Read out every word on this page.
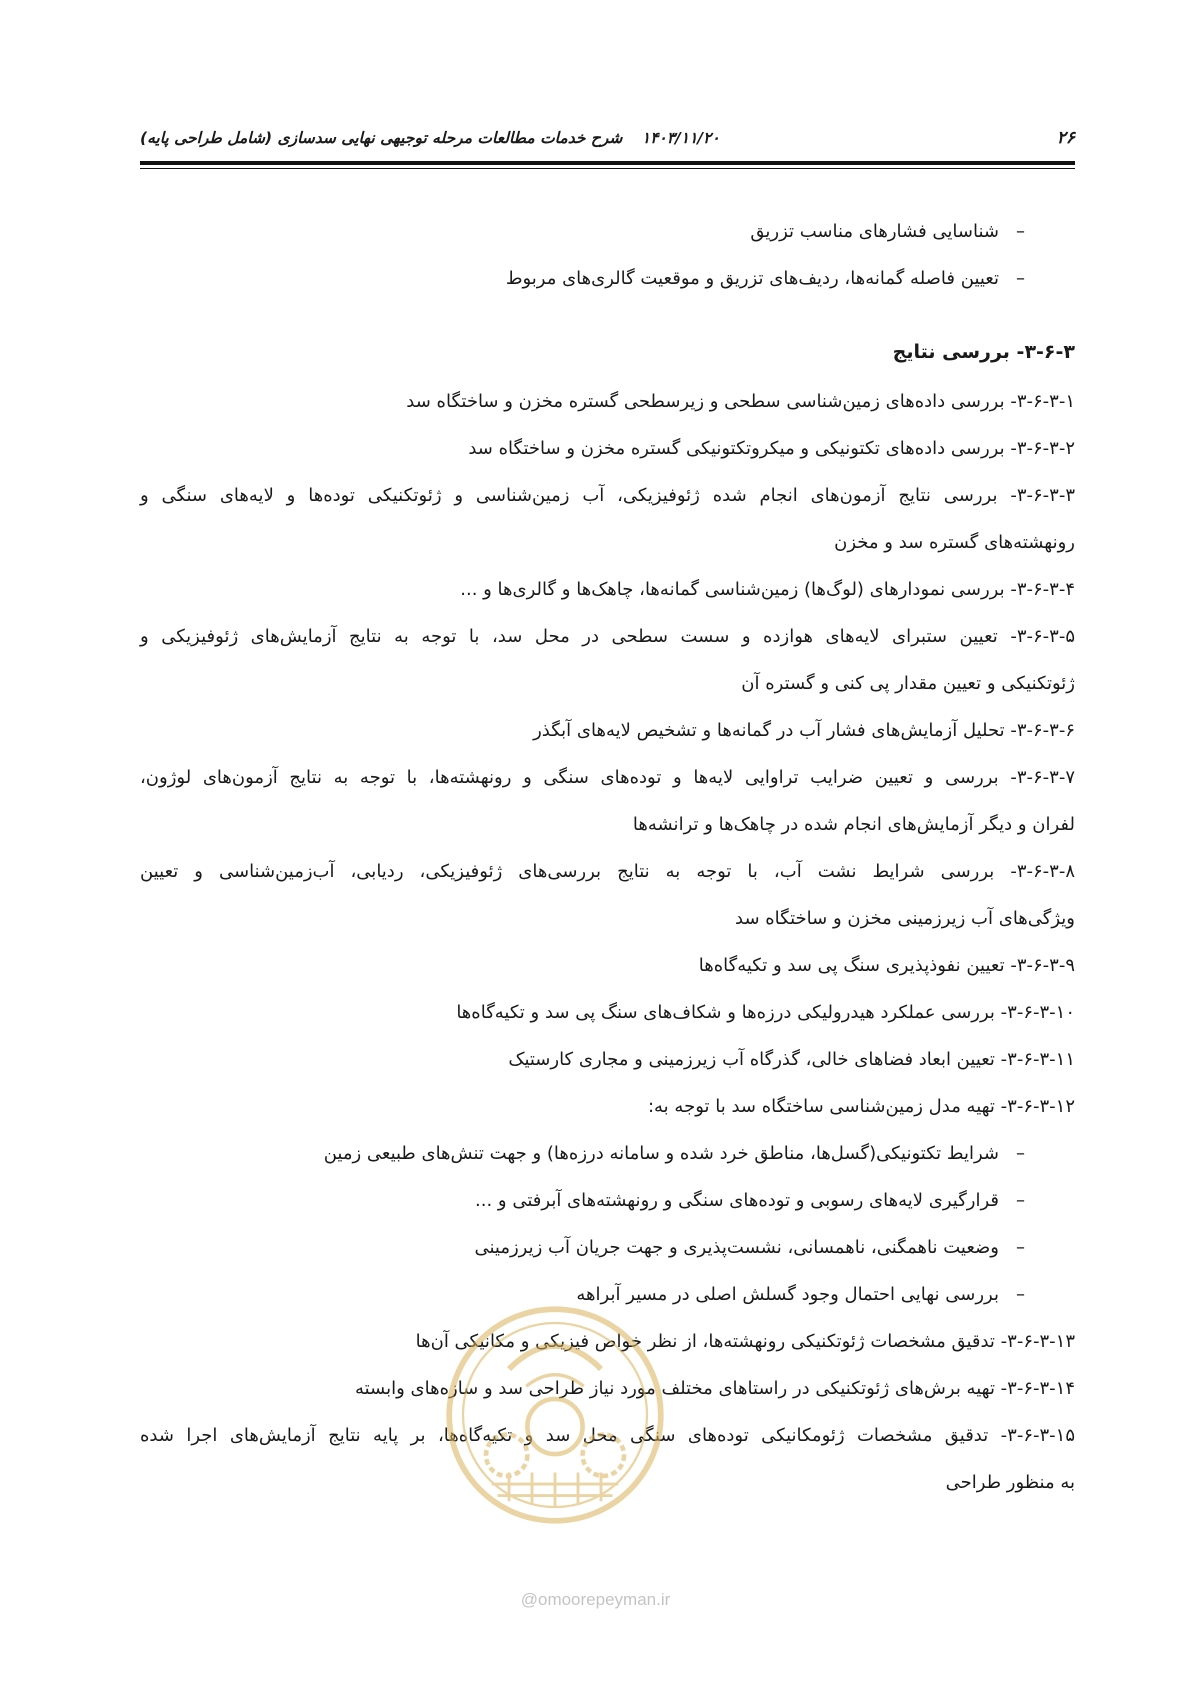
۲۶
۱۴۰۳/۱۱/۲۰ شرح خدمات مطالعات مرحله توجیهی نهایی سدسازی (شامل طراحی پایه)
–شناسایی فشارهای مناسب تزریق
–تعیین فاصله گمانه‌ها، ردیف‌های تزریق و موقعیت گالری‌های مربوط
۳-۶-۳- بررسی نتایج
۳-۶-۳-۱- بررسی داده‌های زمین‌شناسی سطحی و زیرسطحی گستره مخزن و ساختگاه سد
۳-۶-۳-۲- بررسی داده‌های تکتونیکی و میکروتکتونیکی گستره مخزن و ساختگاه سد
۳-۶-۳-۳- بررسی نتایج آزمون‌های انجام شده ژئوفیزیکی، آب زمین‌شناسی و ژئوتکنیکی توده‌ها و لایه‌های سنگی و
رونهشته‌های گستره سد و مخزن
۳-۶-۳-۴- بررسی نمودارهای (لوگ‌ها) زمین‌شناسی گمانه‌ها، چاهک‌ها و گالری‌ها و ...
۳-۶-۳-۵- تعیین ستبرای لایه‌های هوازده و سست سطحی در محل سد، با توجه به نتایج آزمایش‌های ژئوفیزیکی و
ژئوتکنیکی و تعیین مقدار پی کنی و گستره آن
۳-۶-۳-۶- تحلیل آزمایش‌های فشار آب در گمانه‌ها و تشخیص لایه‌های آبگذر
۳-۶-۳-۷- بررسی و تعیین ضرایب تراوایی لایه‌ها و توده‌های سنگی و رونهشته‌ها، با توجه به نتایج آزمون‌های لوژون،
لفران و دیگر آزمایش‌های انجام شده در چاهک‌ها و ترانشه‌ها
۳-۶-۳-۸- بررسی شرایط نشت آب، با توجه به نتایج بررسی‌های ژئوفیزیکی، ردیابی، آب‌زمین‌شناسی و تعیین
ویژگی‌های آب زیرزمینی مخزن و ساختگاه سد
۳-۶-۳-۹- تعیین نفوذپذیری سنگ پی سد و تکیه‌گاه‌ها
۳-۶-۳-۱۰- بررسی عملکرد هیدرولیکی درزه‌ها و شکاف‌های سنگ پی سد و تکیه‌گاه‌ها
۳-۶-۳-۱۱- تعیین ابعاد فضاهای خالی، گذرگاه آب زیرزمینی و مجاری کارستیک
۳-۶-۳-۱۲- تهیه مدل زمین‌شناسی ساختگاه سد با توجه به:
–شرایط تکتونیکی(گسل‌ها، مناطق خرد شده و سامانه درزه‌ها) و جهت تنش‌های طبیعی زمین
–قرارگیری لایه‌های رسوبی و توده‌های سنگی و رونهشته‌های آبرفتی و ...
–وضعیت ناهمگنی، ناهمسانی، نشست‌پذیری و جهت جریان آب زیرزمینی
–بررسی نهایی احتمال وجود گسلش اصلی در مسیر آبراهه
۳-۶-۳-۱۳- تدقیق مشخصات ژئوتکنیکی رونهشته‌ها، از نظر خواص فیزیکی و مکانیکی آن‌ها
۳-۶-۳-۱۴- تهیه برش‌های ژئوتکنیکی در راستاهای مختلف مورد نیاز طراحی سد و سازه‌های وابسته
۳-۶-۳-۱۵- تدقیق مشخصات ژئومکانیکی توده‌های سنگی محل سد و تکیه‌گاه‌ها، بر پایه نتایج آزمایش‌های اجرا شده
به منظور طراحی
@omoorepeyman.ir
